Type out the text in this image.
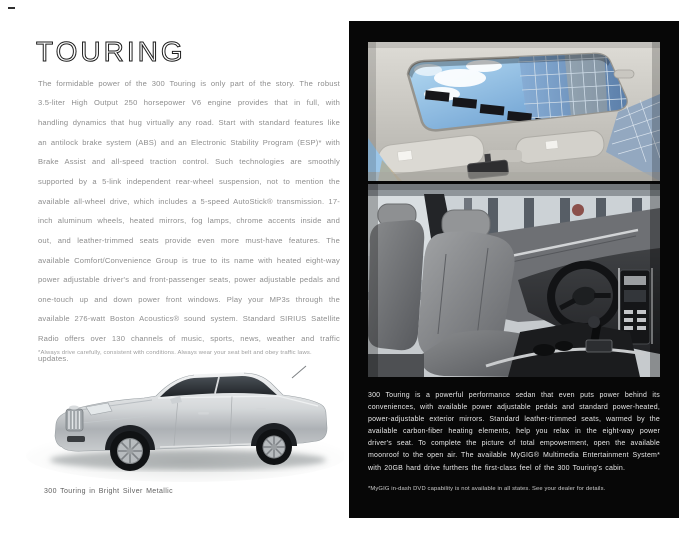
TOURING

The formidable power of the 300 Touring is only part of the story. The robust 3.5-liter High Output 250 horsepower V6 engine provides that in full, with handling dynamics that hug virtually any road. Start with standard features like an antilock brake system (ABS) and an Electronic Stability Program (ESP)* with Brake Assist and all-speed traction control. Such technologies are smoothly supported by a 5-link independent rear-wheel suspension, not to mention the available all-wheel drive, which includes a 5-speed AutoStick® transmission. 17-inch aluminum wheels, heated mirrors, fog lamps, chrome accents inside and out, and leather-trimmed seats provide even more must-have features. The available Comfort/Convenience Group is true to its name with heated eight-way power adjustable driver's and front-passenger seats, power adjustable pedals and one-touch up and down power front windows. Play your MP3s through the available 276-watt Boston Acoustics® sound system. Standard SIRIUS Satellite Radio offers over 130 channels of music, sports, news, weather and traffic updates.

*Always drive carefully, consistent with conditions. Always wear your seat belt and obey traffic laws.

300 Touring in Bright Silver Metallic

300 Touring is a powerful performance sedan that even puts power behind its conveniences, with available power adjustable pedals and standard power-heated, power-adjustable exterior mirrors. Standard leather-trimmed seats, warmed by the available carbon-fiber heating elements, help you relax in the eight-way power driver's seat. To complete the picture of total empowerment, open the available moonroof to the open air. The available MyGIG® Multimedia Entertainment System* with 20GB hard drive furthers the first-class feel of the 300 Touring's cabin.

*MyGIG in-dash DVD capability is not available in all states. See your dealer for details.
